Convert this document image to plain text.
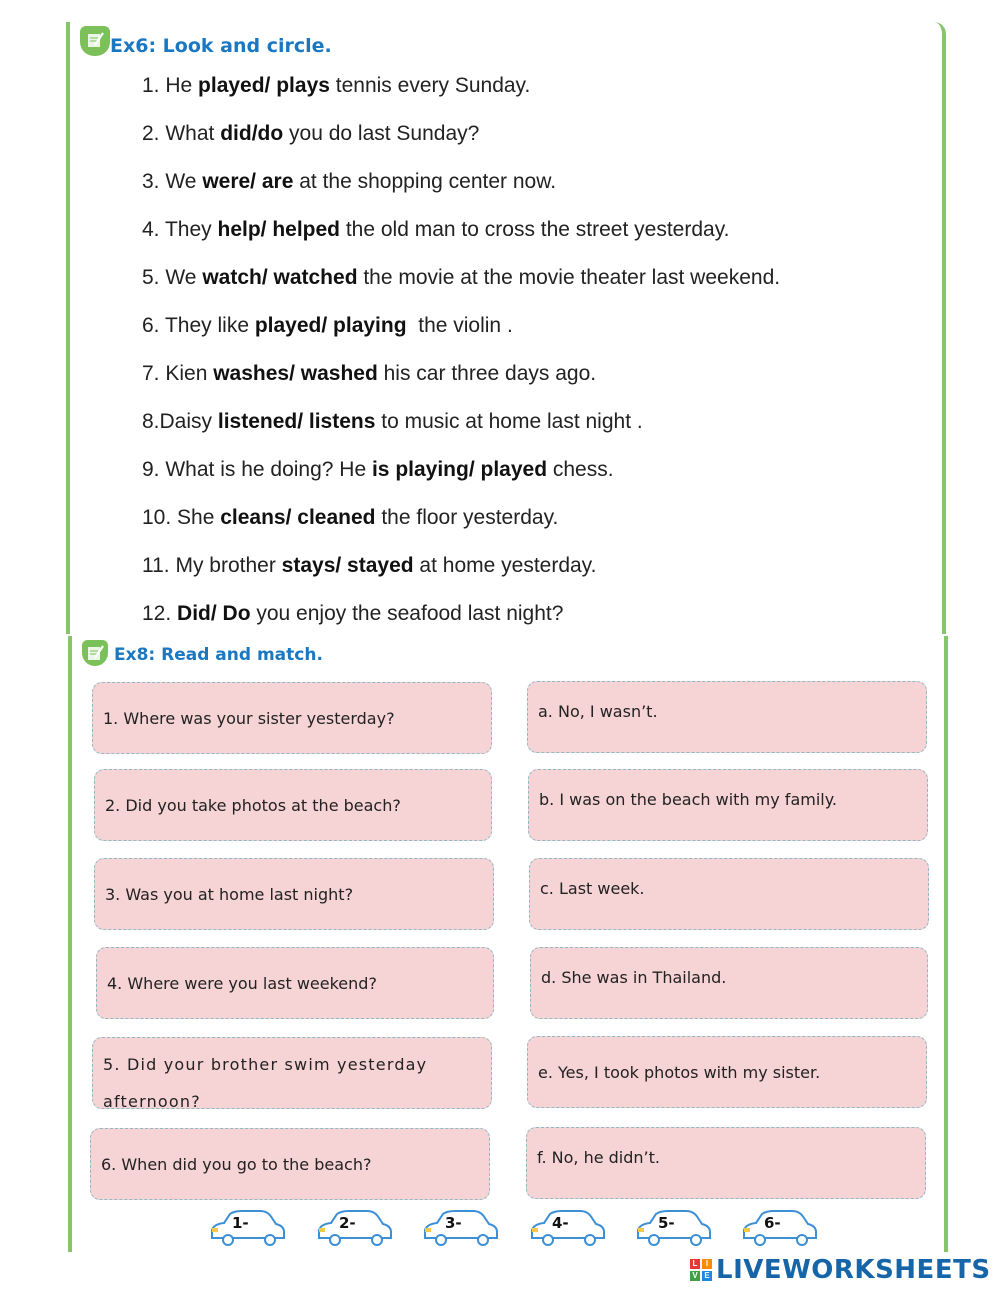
Ex6: Look and circle.
1. He played/ plays tennis every Sunday.
2. What did/do you do last Sunday?
3. We were/ are at the shopping center now.
4. They help/ helped the old man to cross the street yesterday.
5. We watch/ watched the movie at the movie theater last weekend.
6. They like played/ playing  the violin .
7. Kien washes/ washed his car three days ago.
8.Daisy listened/ listens to music at home last night .
9. What is he doing? He is playing/ played chess.
10. She cleans/ cleaned the floor yesterday.
11. My brother stays/ stayed at home yesterday.
12. Did/ Do you enjoy the seafood last night?
Ex8: Read and match.
1. Where was your sister yesterday?
2. Did you take photos at the beach?
3. Was you at home last night?
4. Where were you last weekend?
5. Did your brother swim yesterday afternoon?
6. When did you go to the beach?
a. No, I wasn’t.
b. I was on the beach with my family.
c. Last week.
d. She was in Thailand.
e. Yes, I took photos with my sister.
f. No, he didn’t.
1-	2-	3-	4-	5-	6-
L	I
V E LIVEWORKSHEETS
